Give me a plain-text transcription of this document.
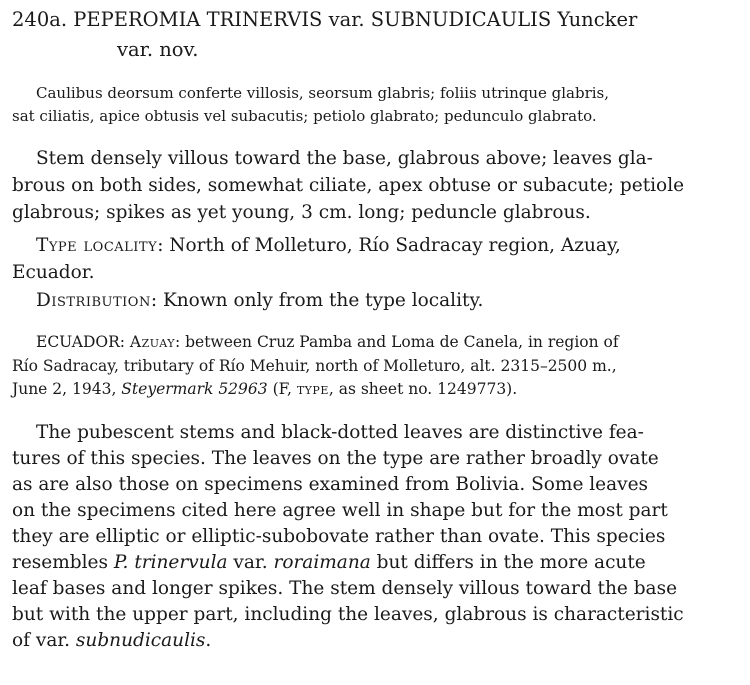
240a. PEPEROMIA TRINERVIS var. SUBNUDICAULIS Yuncker
var. nov.
Caulibus deorsum conferte villosis, seorsum glabris; foliis utrinque glabris,
sat ciliatis, apice obtusis vel subacutis; petiolo glabrato; pedunculo glabrato.
Stem densely villous toward the base, glabrous above; leaves gla-
brous on both sides, somewhat ciliate, apex obtuse or subacute; petiole
glabrous; spikes as yet young, 3 cm. long; peduncle glabrous.
Type locality: North of Molleturo, Río Sadracay region, Azuay,
Ecuador.
Distribution: Known only from the type locality.
ECUADOR: Azuay: between Cruz Pamba and Loma de Canela, in region of
Río Sadracay, tributary of Río Mehuir, north of Molleturo, alt. 2315–2500 m.,
June 2, 1943, Steyermark 52963 (F, type, as sheet no. 1249773).
The pubescent stems and black-dotted leaves are distinctive fea-
tures of this species. The leaves on the type are rather broadly ovate
as are also those on specimens examined from Bolivia. Some leaves
on the specimens cited here agree well in shape but for the most part
they are elliptic or elliptic-subobovate rather than ovate. This species
resembles P. trinervula var. roraimana but differs in the more acute
leaf bases and longer spikes. The stem densely villous toward the base
but with the upper part, including the leaves, glabrous is characteristic
of var. subnudicaulis.
